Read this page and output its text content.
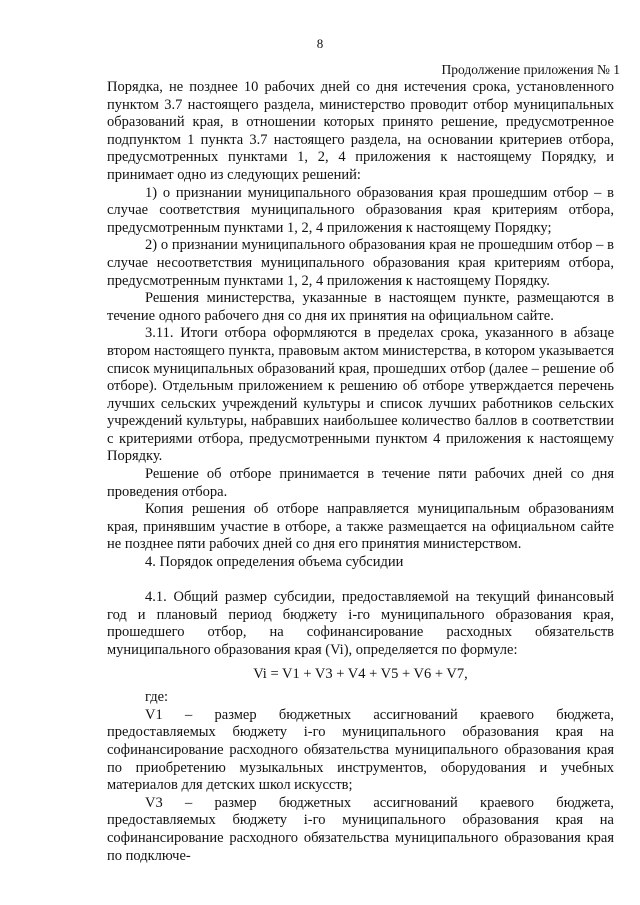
8
Продолжение приложения № 1

Порядка, не позднее 10 рабочих дней со дня истечения срока, установленного пунктом 3.7 настоящего раздела, министерство проводит отбор муниципальных образований края, в отношении которых принято решение, предусмотренное подпунктом 1 пункта 3.7 настоящего раздела, на основании критериев отбора, предусмотренных пунктами 1, 2, 4 приложения к настоящему Порядку, и принимает одно из следующих решений:

1) о признании муниципального образования края прошедшим отбор – в случае соответствия муниципального образования края критериям отбора, предусмотренным пунктами 1, 2, 4 приложения к настоящему Порядку;

2) о признании муниципального образования края не прошедшим отбор – в случае несоответствия муниципального образования края критериям отбора, предусмотренным пунктами 1, 2, 4 приложения к настоящему Порядку.

Решения министерства, указанные в настоящем пункте, размещаются в течение одного рабочего дня со дня их принятия на официальном сайте.

3.11. Итоги отбора оформляются в пределах срока, указанного в абзаце втором настоящего пункта, правовым актом министерства, в котором указывается список муниципальных образований края, прошедших отбор (далее – решение об отборе). Отдельным приложением к решению об отборе утверждается перечень лучших сельских учреждений культуры и список лучших работников сельских учреждений культуры, набравших наибольшее количество баллов в соответствии с критериями отбора, предусмотренными пунктом 4 приложения к настоящему Порядку.

Решение об отборе принимается в течение пяти рабочих дней со дня проведения отбора.

Копия решения об отборе направляется муниципальным образованиям края, принявшим участие в отборе, а также размещается на официальном сайте не позднее пяти рабочих дней со дня его принятия министерством.

4. Порядок определения объема субсидии

4.1. Общий размер субсидии, предоставляемой на текущий финансовый год и плановый период бюджету i-го муниципального образования края, прошедшего отбор, на софинансирование расходных обязательств муниципального образования края (Vi), определяется по формуле:

Vi = V1 + V3 + V4 + V5 + V6 + V7,

где:

V1 – размер бюджетных ассигнований краевого бюджета, предоставляемых бюджету i-го муниципального образования края на софинансирование расходного обязательства муниципального образования края по приобретению музыкальных инструментов, оборудования и учебных материалов для детских школ искусств;

V3 – размер бюджетных ассигнований краевого бюджета, предоставляемых бюджету i-го муниципального образования края на софинансирование расходного обязательства муниципального образования края по подключе-
